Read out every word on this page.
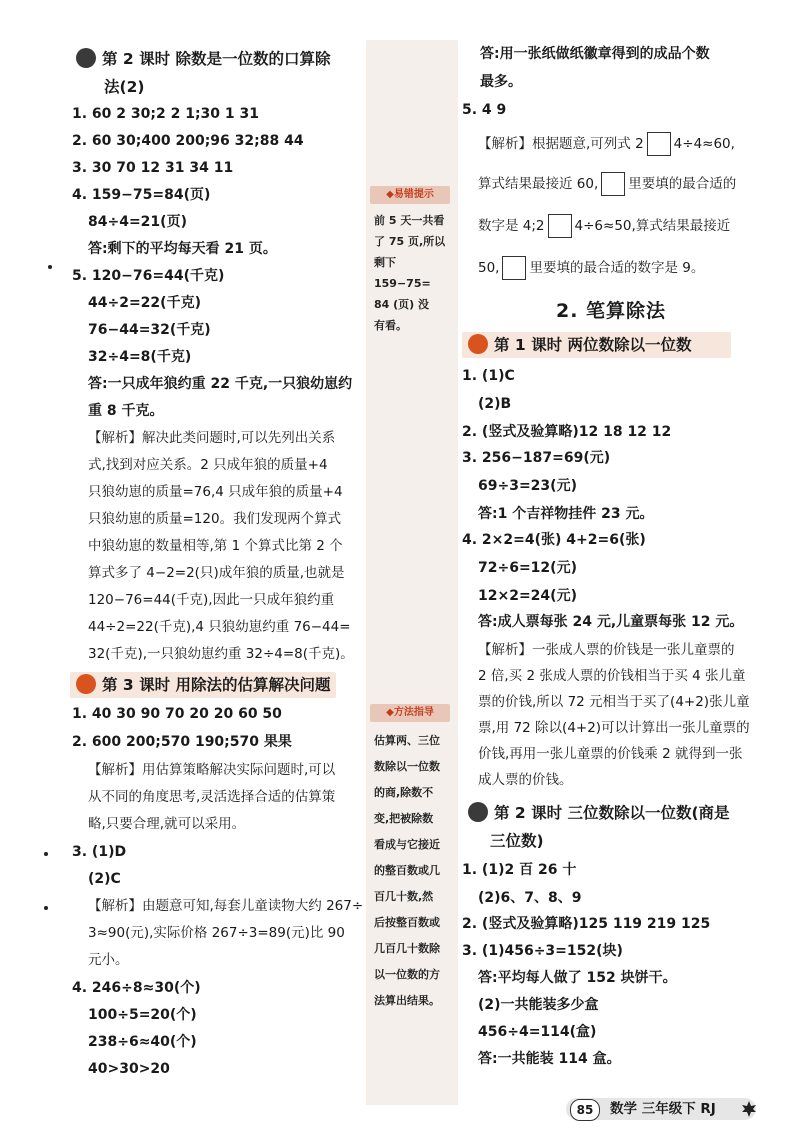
第 2 课时 除数是一位数的口算除
法(2)
1. 60 2 30;2 2 1;30 1 31
2. 60 30;400 200;96 32;88 44
3. 30 70 12 31 34 11
4. 159−75=84(页)
84÷4=21(页)
答:剩下的平均每天看 21 页。
5. 120−76=44(千克)
44÷2=22(千克)
76−44=32(千克)
32÷4=8(千克)
答:一只成年狼约重 22 千克,一只狼幼崽约
重 8 千克。
【解析】解决此类问题时,可以先列出关系
式,找到对应关系。2 只成年狼的质量+4
只狼幼崽的质量=76,4 只成年狼的质量+4
只狼幼崽的质量=120。我们发现两个算式
中狼幼崽的数量相等,第 1 个算式比第 2 个
算式多了 4−2=2(只)成年狼的质量,也就是
120−76=44(千克),因此一只成年狼约重
44÷2=22(千克),4 只狼幼崽约重 76−44=
32(千克),一只狼幼崽约重 32÷4=8(千克)。
第 3 课时 用除法的估算解决问题
1. 40 30 90 70 20 20 60 50
2. 600 200;570 190;570 果果
【解析】用估算策略解决实际问题时,可以
从不同的角度思考,灵活选择合适的估算策
略,只要合理,就可以采用。
3. (1)D
(2)C
【解析】由题意可知,每套儿童读物大约 267÷
3≈90(元),实际价格 267÷3=89(元)比 90
元小。
4. 246÷8≈30(个)
100÷5=20(个)
238÷6≈40(个)
40>30>20
◆易错提示
前 5 天一共看
了 75 页,所以
剩下 159−75=
84 (页) 没
有看。
◆方法指导
估算两、三位
数除以一位数
的商,除数不
变,把被除数
看成与它接近
的整百数或几
百几十数,然
后按整百数或
几百几十数除
以一位数的方
法算出结果。
答:用一张纸做纸徽章得到的成品个数
最多。
5. 4 9
【解析】根据题意,可列式 2 4÷4≈60,
算式结果最接近 60, 里要填的最合适的
数字是 4;2 4÷6≈50,算式结果最接近
50, 里要填的最合适的数字是 9。
2. 笔算除法
第 1 课时 两位数除以一位数
1. (1)C
(2)B
2. (竖式及验算略)12 18 12 12
3. 256−187=69(元)
69÷3=23(元)
答:1 个吉祥物挂件 23 元。
4. 2×2=4(张) 4+2=6(张)
72÷6=12(元)
12×2=24(元)
答:成人票每张 24 元,儿童票每张 12 元。
【解析】一张成人票的价钱是一张儿童票的
2 倍,买 2 张成人票的价钱相当于买 4 张儿童
票的价钱,所以 72 元相当于买了(4+2)张儿童
票,用 72 除以(4+2)可以计算出一张儿童票的
价钱,再用一张儿童票的价钱乘 2 就得到一张
成人票的价钱。
第 2 课时 三位数除以一位数(商是
三位数)
1. (1)2 百 26 十
(2)6、7、8、9
2. (竖式及验算略)125 119 219 125
3. (1)456÷3=152(块)
答:平均每人做了 152 块饼干。
(2)一共能装多少盒
456÷4=114(盒)
答:一共能装 114 盒。
85	数学 三年级下 RJ
